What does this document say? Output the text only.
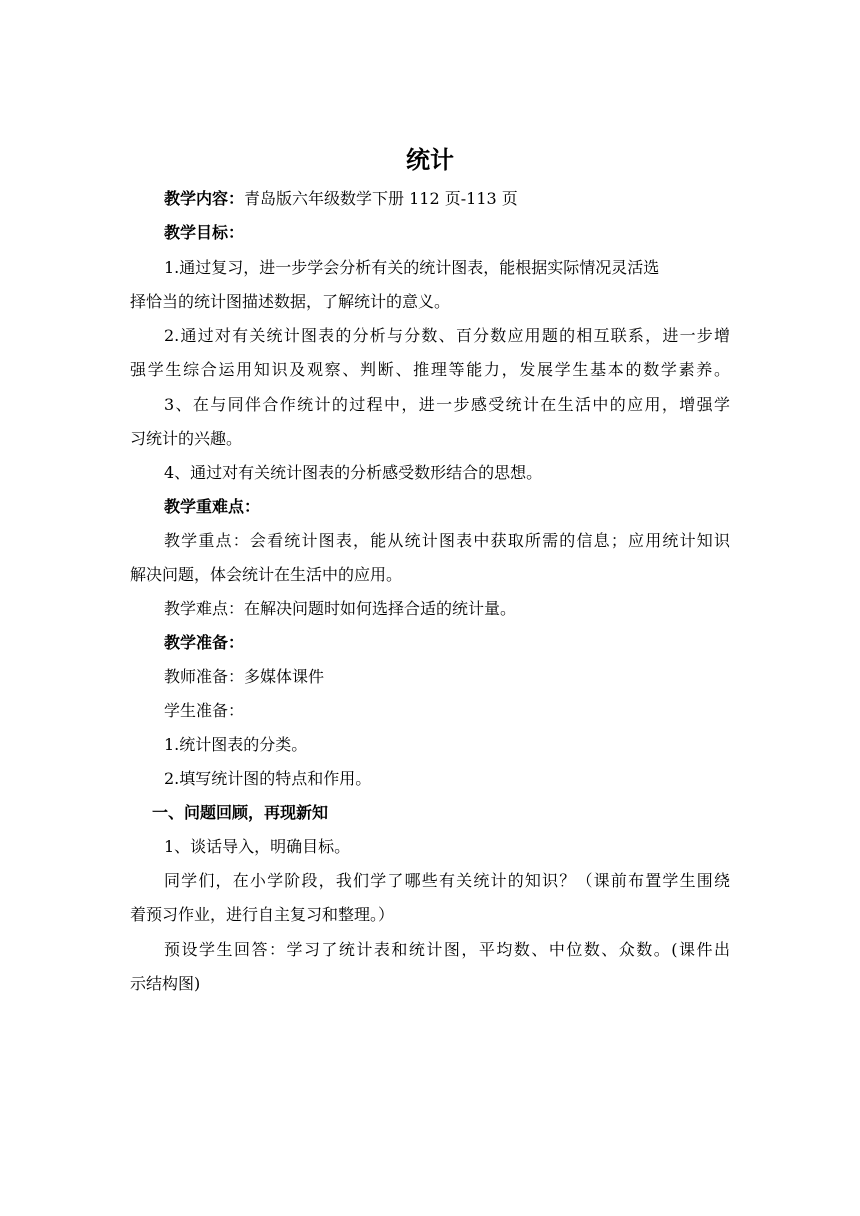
统计
教学内容：青岛版六年级数学下册 112 页-113 页
教学目标：
1.通过复习，进一步学会分析有关的统计图表，能根据实际情况灵活选
择恰当的统计图描述数据，了解统计的意义。
2.通过对有关统计图表的分析与分数、百分数应用题的相互联系，进一步增
强学生综合运用知识及观察、判断、推理等能力，发展学生基本的数学素养。
3、在与同伴合作统计的过程中，进一步感受统计在生活中的应用，增强学
习统计的兴趣。
4、通过对有关统计图表的分析感受数形结合的思想。
教学重难点：
教学重点：会看统计图表，能从统计图表中获取所需的信息；应用统计知识
解决问题，体会统计在生活中的应用。
教学难点：在解决问题时如何选择合适的统计量。
教学准备：
教师准备：多媒体课件
学生准备：
1.统计图表的分类。
2.填写统计图的特点和作用。
一、问题回顾，再现新知
1、谈话导入，明确目标。
同学们，在小学阶段，我们学了哪些有关统计的知识？（课前布置学生围绕
着预习作业，进行自主复习和整理。）
预设学生回答：学习了统计表和统计图，平均数、中位数、众数。(课件出
示结构图)
